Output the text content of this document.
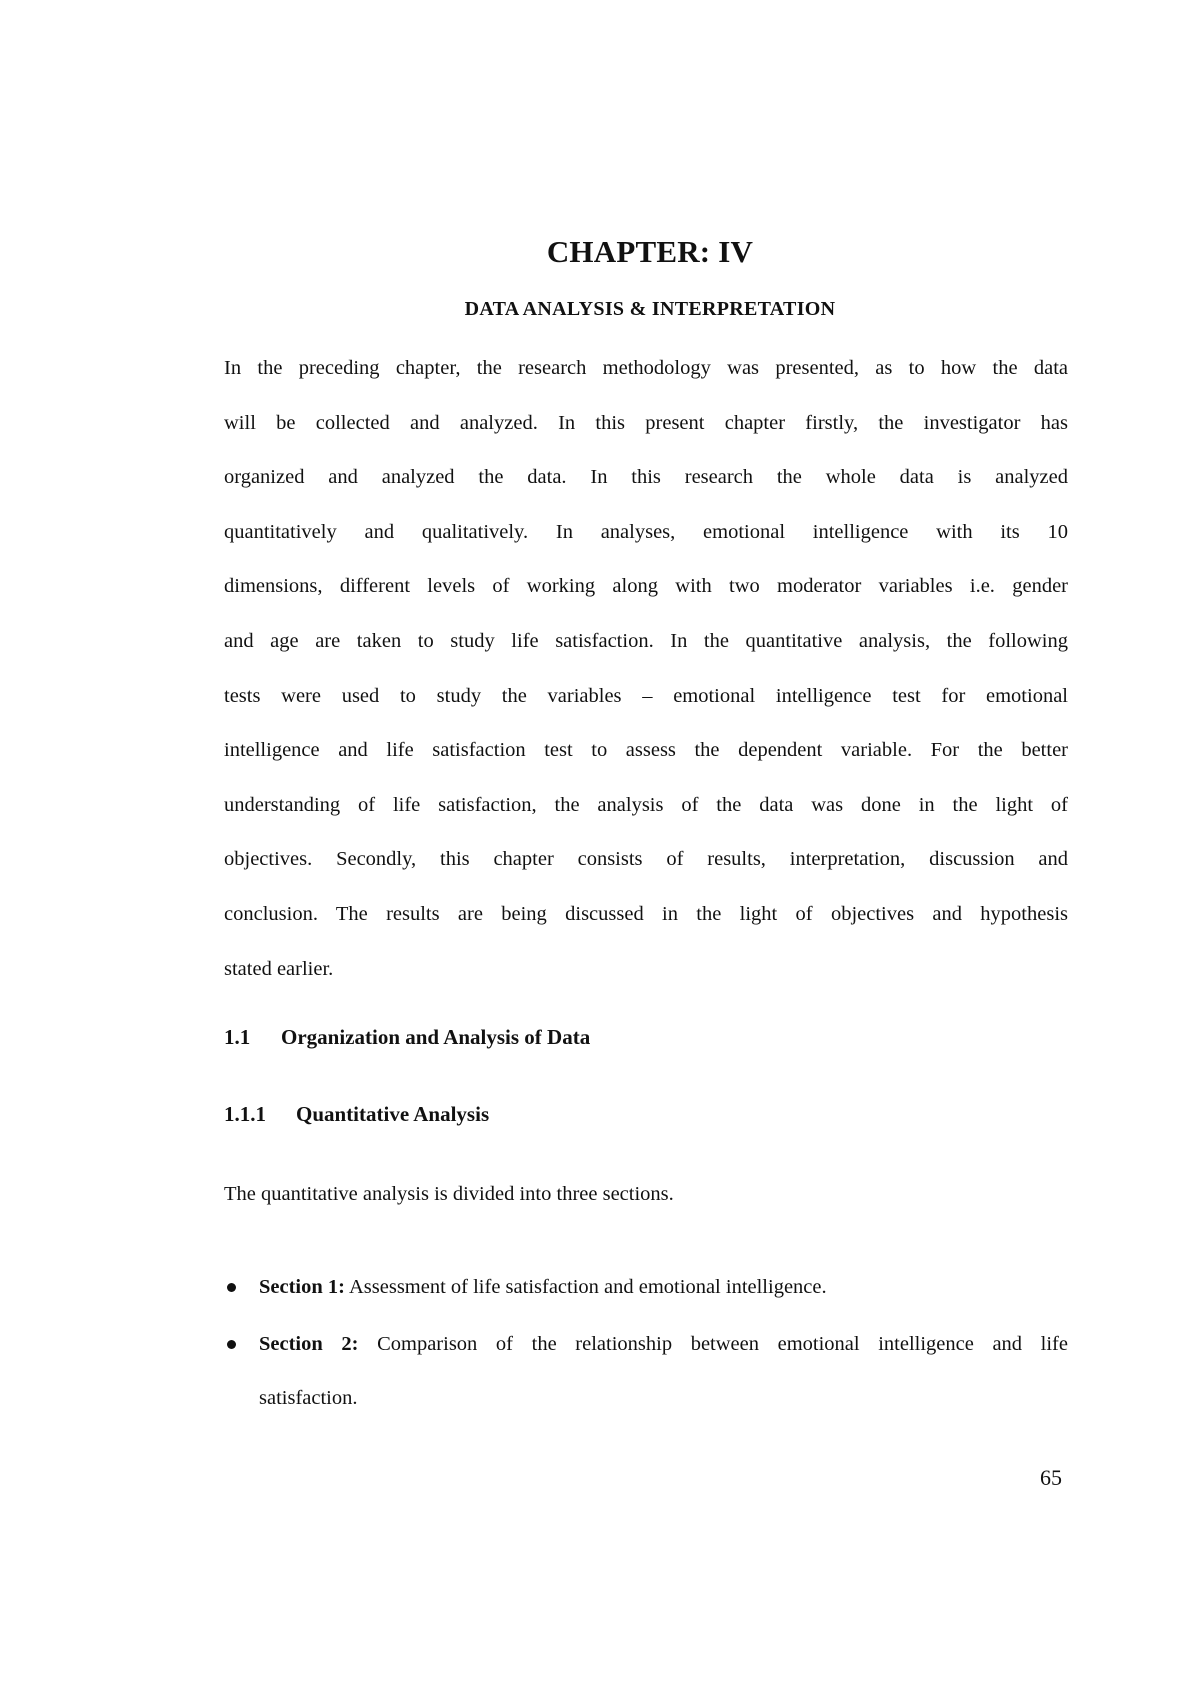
CHAPTER: IV
DATA ANALYSIS & INTERPRETATION

In the preceding chapter, the research methodology was presented, as to how the data
will be collected and analyzed. In this present chapter firstly, the investigator has
organized and analyzed the data. In this research the whole data is analyzed
quantitatively and qualitatively. In analyses, emotional intelligence with its 10
dimensions, different levels of working along with two moderator variables i.e. gender
and age are taken to study life satisfaction. In the quantitative analysis, the following
tests were used to study the variables – emotional intelligence test for emotional
intelligence and life satisfaction test to assess the dependent variable. For the better
understanding of life satisfaction, the analysis of the data was done in the light of
objectives. Secondly, this chapter consists of results, interpretation, discussion and
conclusion. The results are being discussed in the light of objectives and hypothesis
stated earlier.

1.1 Organization and Analysis of Data
1.1.1 Quantitative Analysis
The quantitative analysis is divided into three sections.
Section 1: Assessment of life satisfaction and emotional intelligence.
Section 2: Comparison of the relationship between emotional intelligence and life
satisfaction.
65
